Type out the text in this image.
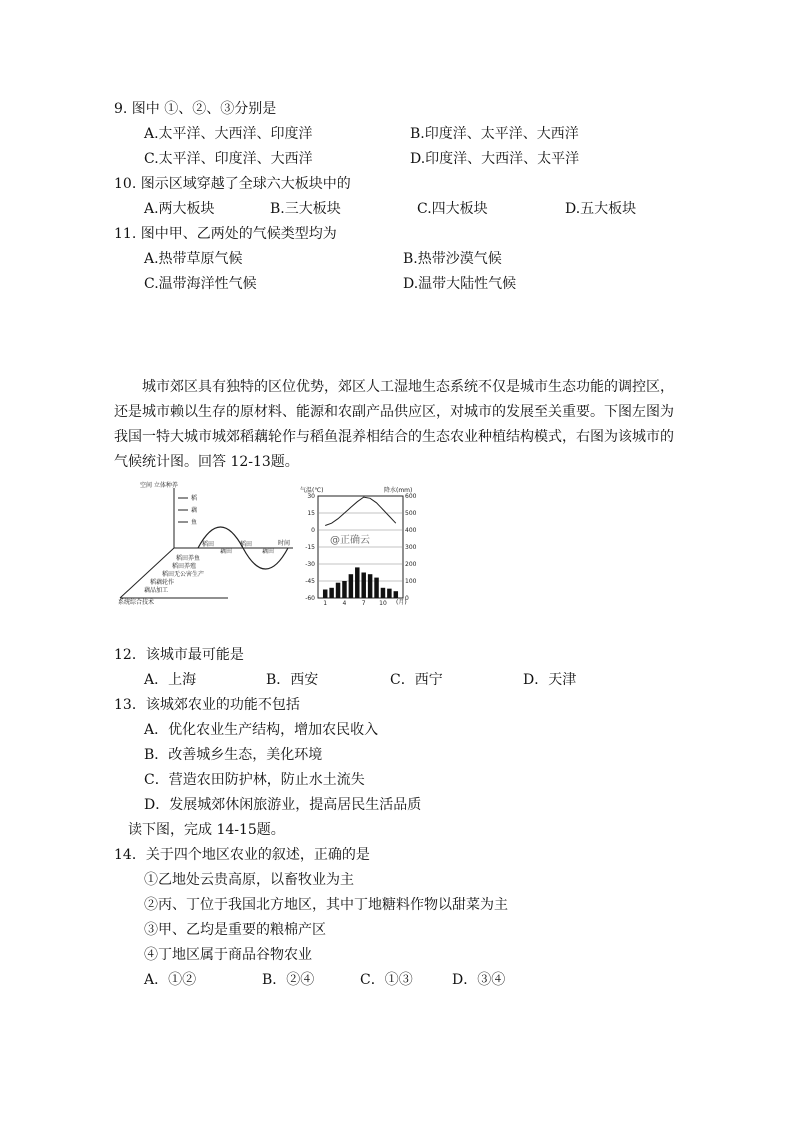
9. 图中 ①、②、③分别是
A.太平洋、大西洋、印度洋	B.印度洋、太平洋、大西洋
C.太平洋、印度洋、大西洋	D.印度洋、大西洋、太平洋
10. 图示区域穿越了全球六大板块中的
A.两大板块	B.三大板块	C.四大板块	D.五大板块
11. 图中甲、乙两处的气候类型均为
A.热带草原气候	B.热带沙漠气候
C.温带海洋性气候	D.温带大陆性气候

城市郊区具有独特的区位优势，郊区人工湿地生态系统不仅是城市生态功能的调控区，

还是城市赖以生存的原材料、能源和农副产品供应区，对城市的发展至关重要。下图左图为

我国一特大城市城郊稻藕轮作与稻鱼混养相结合的生态农业种植结构模式，右图为该城市的

气候统计图。回答 12-13题。

空间 立体种养
稻
藕
鱼
稻田
藕田
稻田
藕田
时间
稻田养鱼
稻田养殖
稻田无公害生产
稻藕轮作
藕品加工
系统综合技术
气温(℃)	降水(mm)
@正确云
30	600
15	500
0	400
-15	300
-30	200
-45	100
-60	0
1	4	7 10 (月)
12．该城市最可能是
A．上海	B．西安	C．西宁	D．天津
13．该城郊农业的功能不包括
A．优化农业生产结构，增加农民收入
B．改善城乡生态，美化环境
C．营造农田防护林，防止水土流失
D．发展城郊休闲旅游业，提高居民生活品质
读下图，完成 14-15题。
14．关于四个地区农业的叙述，正确的是
①乙地处云贵高原，以畜牧业为主
②丙、丁位于我国北方地区，其中丁地糖料作物以甜菜为主
③甲、乙均是重要的粮棉产区
④丁地区属于商品谷物农业
A．①②	B．②④	C．①③	D．③④
